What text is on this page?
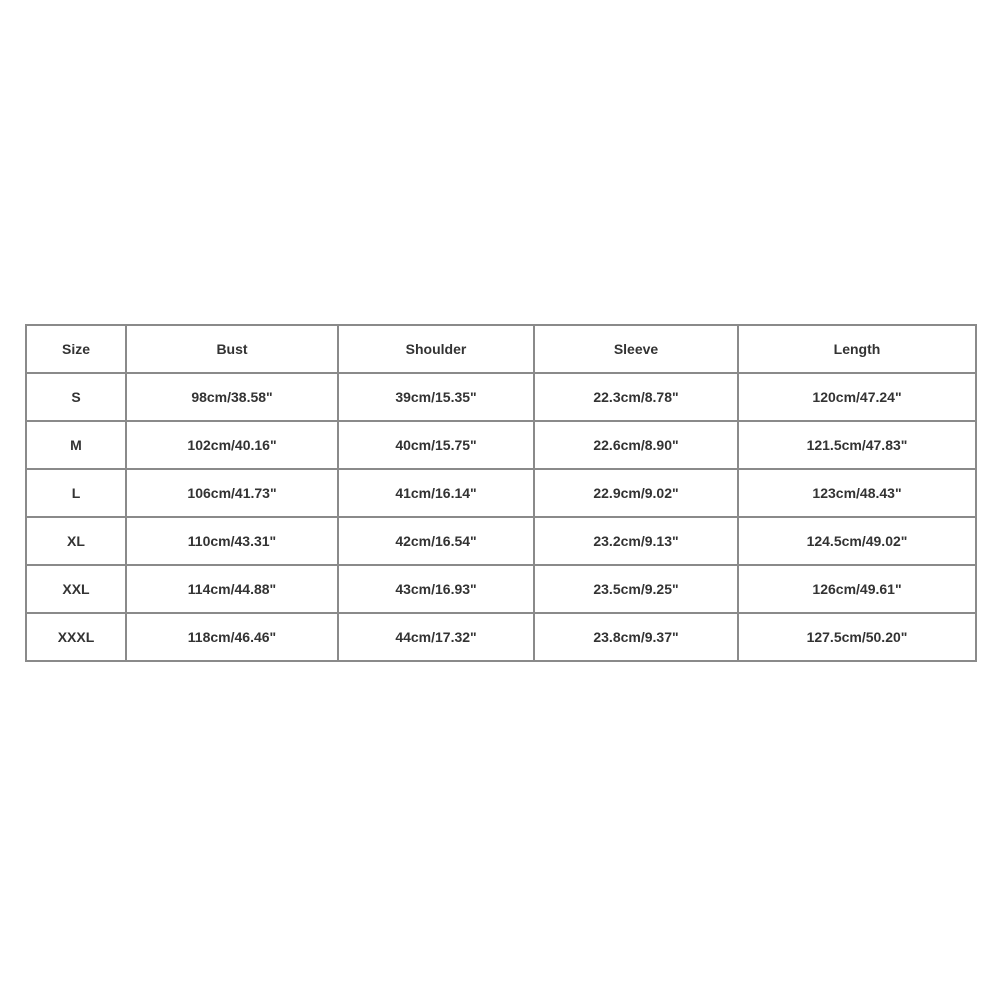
Size	Bust	Shoulder	Sleeve	Length
S	98cm/38.58"	39cm/15.35"	22.3cm/8.78"	120cm/47.24"
M	102cm/40.16"	40cm/15.75"	22.6cm/8.90"	121.5cm/47.83"
L	106cm/41.73"	41cm/16.14"	22.9cm/9.02"	123cm/48.43"
XL	110cm/43.31"	42cm/16.54"	23.2cm/9.13"	124.5cm/49.02"
XXL	114cm/44.88"	43cm/16.93"	23.5cm/9.25"	126cm/49.61"
XXXL	118cm/46.46"	44cm/17.32"	23.8cm/9.37"	127.5cm/50.20"
